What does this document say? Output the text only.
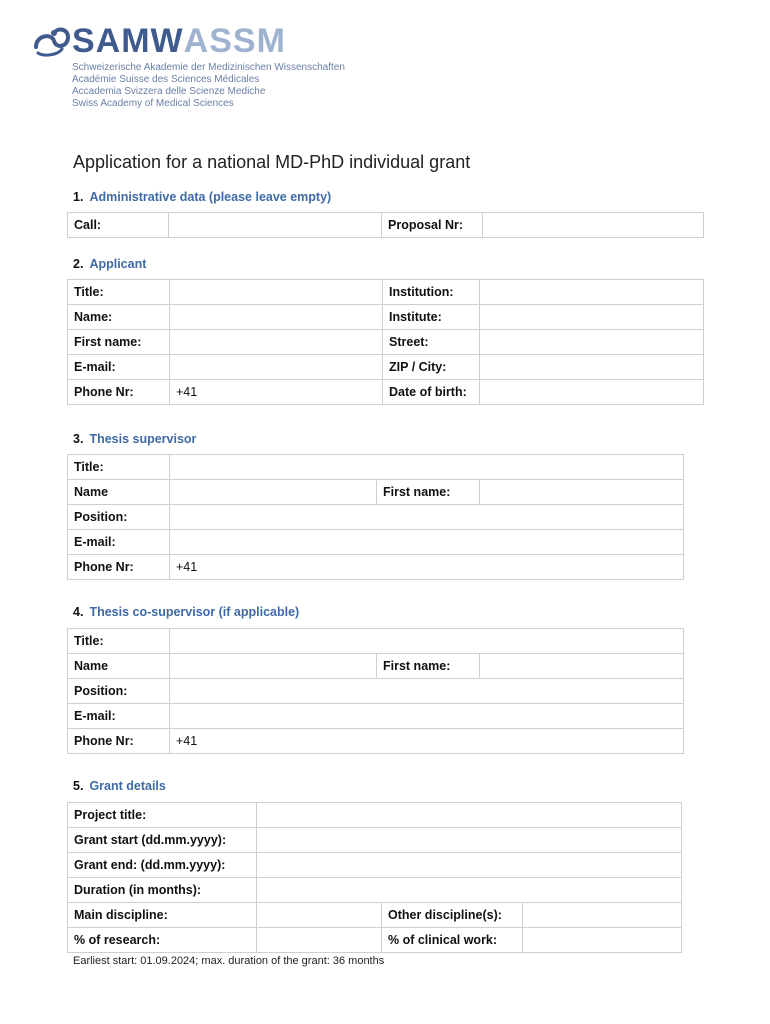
SAMW ASSM
Schweizerische Akademie der Medizinischen Wissenschaften
Académie Suisse des Sciences Médicales
Accademia Svizzera delle Scienze Mediche
Swiss Academy of Medical Sciences
Application for a national MD-PhD individual grant
1. Administrative data (please leave empty)
Call:		Proposal Nr:	
2. Applicant
Title:		Institution:	
Name:		Institute:	
First name:		Street:	
E-mail:		ZIP / City:	
Phone Nr:	+41	Date of birth:	
3. Thesis supervisor
Title:			
Name		First name:	
Position:			
E-mail:			
Phone Nr:	+41		
4. Thesis co-supervisor (if applicable)
Title:			
Name		First name:	
Position:			
E-mail:			
Phone Nr:	+41		
5. Grant details
Project title:			
Grant start (dd.mm.yyyy):			
Grant end: (dd.mm.yyyy):			
Duration (in months):			
Main discipline:		Other discipline(s):	
% of research:		% of clinical work:	
Earliest start: 01.09.2024; max. duration of the grant: 36 months
